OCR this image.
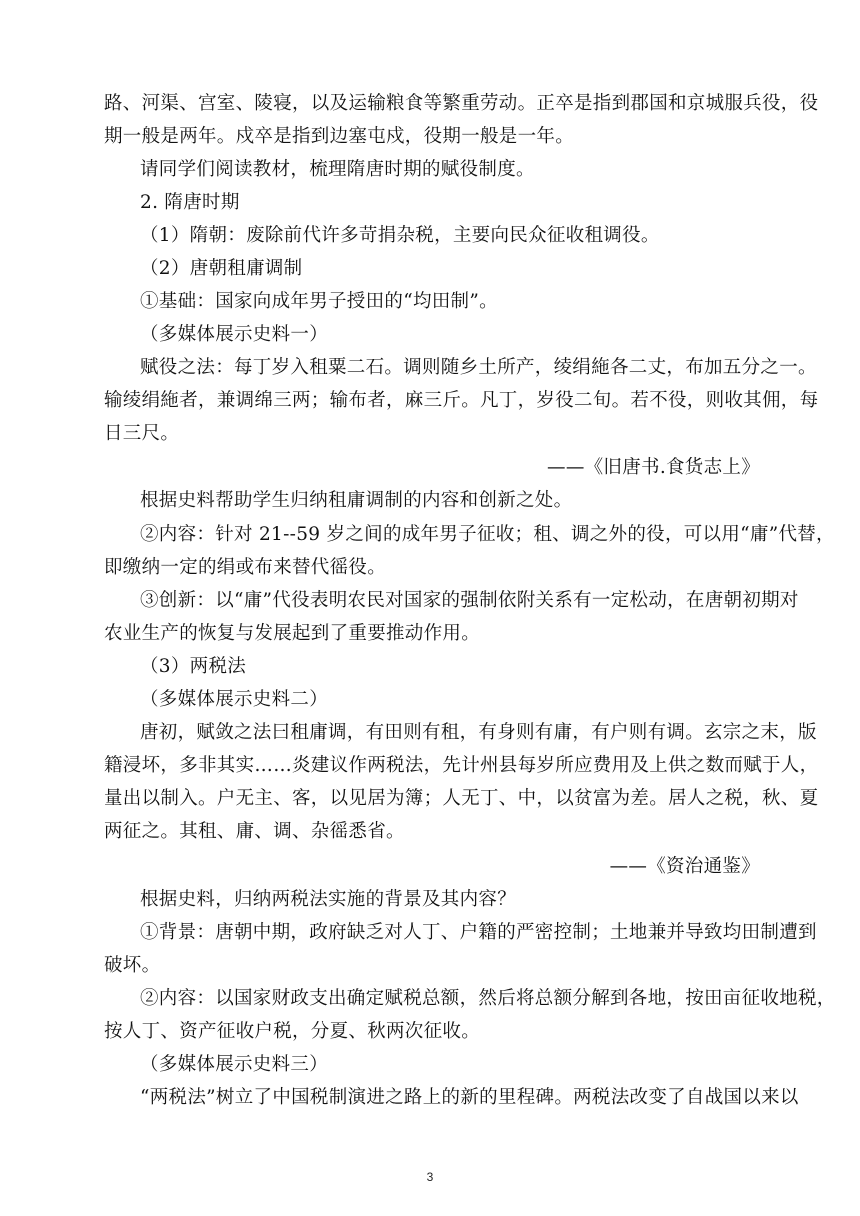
路、河渠、宫室、陵寝，以及运输粮食等繁重劳动。正卒是指到郡国和京城服兵役，役
期一般是两年。戍卒是指到边塞屯戍，役期一般是一年。
请同学们阅读教材，梳理隋唐时期的赋役制度。
2. 隋唐时期
（1）隋朝：废除前代许多苛捐杂税，主要向民众征收租调役。
（2）唐朝租庸调制
①基础：国家向成年男子授田的“均田制”。
（多媒体展示史料一）
赋役之法：每丁岁入租粟二石。调则随乡土所产，绫绢絁各二丈，布加五分之一。
输绫绢絁者，兼调绵三两；输布者，麻三斤。凡丁，岁役二旬。若不役，则收其佣，每
日三尺。
——《旧唐书.食货志上》
根据史料帮助学生归纳租庸调制的内容和创新之处。
②内容：针对 21--59 岁之间的成年男子征收；租、调之外的役，可以用“庸”代替，
即缴纳一定的绢或布来替代徭役。
③创新：以“庸”代役表明农民对国家的强制依附关系有一定松动，在唐朝初期对
农业生产的恢复与发展起到了重要推动作用。
（3）两税法
（多媒体展示史料二）
唐初，赋敛之法曰租庸调，有田则有租，有身则有庸，有户则有调。玄宗之末，版
籍浸坏，多非其实……炎建议作两税法，先计州县每岁所应费用及上供之数而赋于人，
量出以制入。户无主、客，以见居为簿；人无丁、中，以贫富为差。居人之税，秋、夏
两征之。其租、庸、调、杂徭悉省。
——《资治通鉴》
根据史料，归纳两税法实施的背景及其内容？
①背景：唐朝中期，政府缺乏对人丁、户籍的严密控制；土地兼并导致均田制遭到
破坏。
②内容：以国家财政支出确定赋税总额，然后将总额分解到各地，按田亩征收地税，
按人丁、资产征收户税，分夏、秋两次征收。
（多媒体展示史料三）
“两税法”树立了中国税制演进之路上的新的里程碑。两税法改变了自战国以来以
3
